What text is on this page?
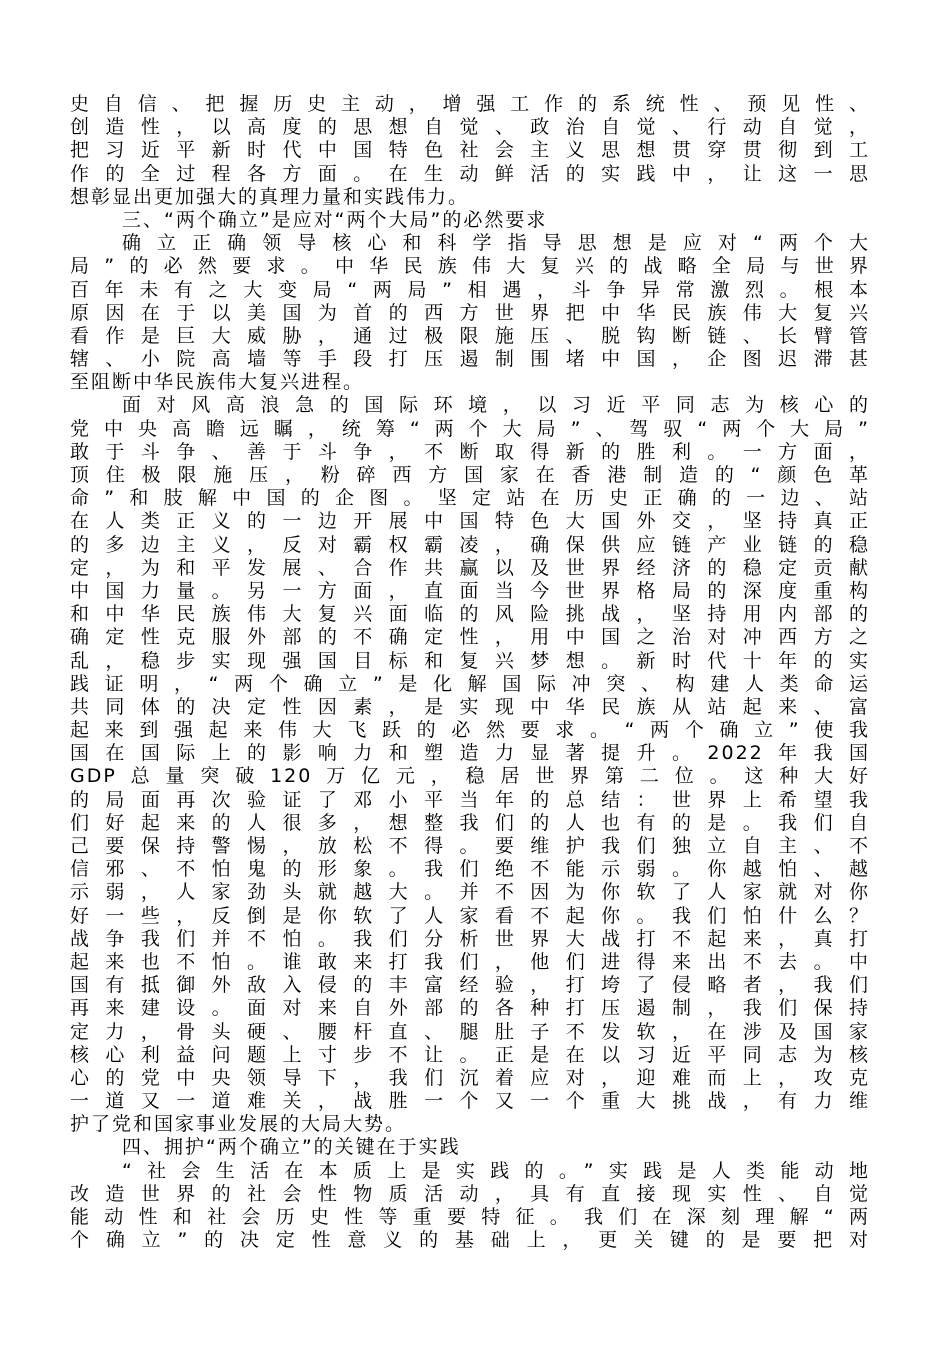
史自信、把握历史主动，增强工作的系统性、预见性、
创造性，以高度的思想自觉、政治自觉、行动自觉，
把习近平新时代中国特色社会主义思想贯穿贯彻到工
作的全过程各方面。在生动鲜活的实践中，让这一思
想彰显出更加强大的真理力量和实践伟力。
三、“两个确立”是应对“两个大局”的必然要求
确立正确领导核心和科学指导思想是应对“两个大
局”的必然要求。中华民族伟大复兴的战略全局与世界
百年未有之大变局“两局”相遇，斗争异常激烈。根本
原因在于以美国为首的西方世界把中华民族伟大复兴
看作是巨大威胁，通过极限施压、脱钩断链、长臂管
辖、小院高墙等手段打压遏制围堵中国，企图迟滞甚
至阻断中华民族伟大复兴进程。
面对风高浪急的国际环境，以习近平同志为核心的
党中央高瞻远瞩，统筹“两个大局”、驾驭“两个大局”
敢于斗争、善于斗争，不断取得新的胜利。一方面，
顶住极限施压，粉碎西方国家在香港制造的“颜色革
命”和肢解中国的企图。坚定站在历史正确的一边、站
在人类正义的一边开展中国特色大国外交，坚持真正
的多边主义，反对霸权霸凌，确保供应链产业链的稳
定，为和平发展、合作共赢以及世界经济的稳定贡献
中国力量。另一方面，直面当今世界格局的深度重构
和中华民族伟大复兴面临的风险挑战，坚持用内部的
确定性克服外部的不确定性，用中国之治对冲西方之
乱，稳步实现强国目标和复兴梦想。新时代十年的实
践证明，“两个确立”是化解国际冲突、构建人类命运
共同体的决定性因素，是实现中华民族从站起来、富
起来到强起来伟大飞跃的必然要求。“两个确立”使我
国在国际上的影响力和塑造力显著提升。2022年我国
GDP总量突破120万亿元，稳居世界第二位。这种大好
的局面再次验证了邓小平当年的总结：世界上希望我
们好起来的人很多，想整我们的人也有的是。我们自
己要保持警惕，放松不得。要维护我们独立自主、不
信邪、不怕鬼的形象。我们绝不能示弱。你越怕、越
示弱，人家劲头就越大。并不因为你软了人家就对你
好一些，反倒是你软了人家看不起你。我们怕什么？
战争我们并不怕。我们分析世界大战打不起来，真打
起来也不怕。谁敢来打我们，他们进得来出不去。中
国有抵御外敌入侵的丰富经验，打垮了侵略者，我们
再来建设。面对来自外部的各种打压遏制，我们保持
定力，骨头硬、腰杆直、腿肚子不发软，在涉及国家
核心利益问题上寸步不让。正是在以习近平同志为核
心的党中央领导下，我们沉着应对，迎难而上，攻克
一道又一道难关，战胜一个又一个重大挑战，有力维
护了党和国家事业发展的大局大势。
四、拥护“两个确立”的关键在于实践
“社会生活在本质上是实践的。”实践是人类能动地
改造世界的社会性物质活动，具有直接现实性、自觉
能动性和社会历史性等重要特征。我们在深刻理解“两
个确立”的决定性意义的基础上，更关键的是要把对
